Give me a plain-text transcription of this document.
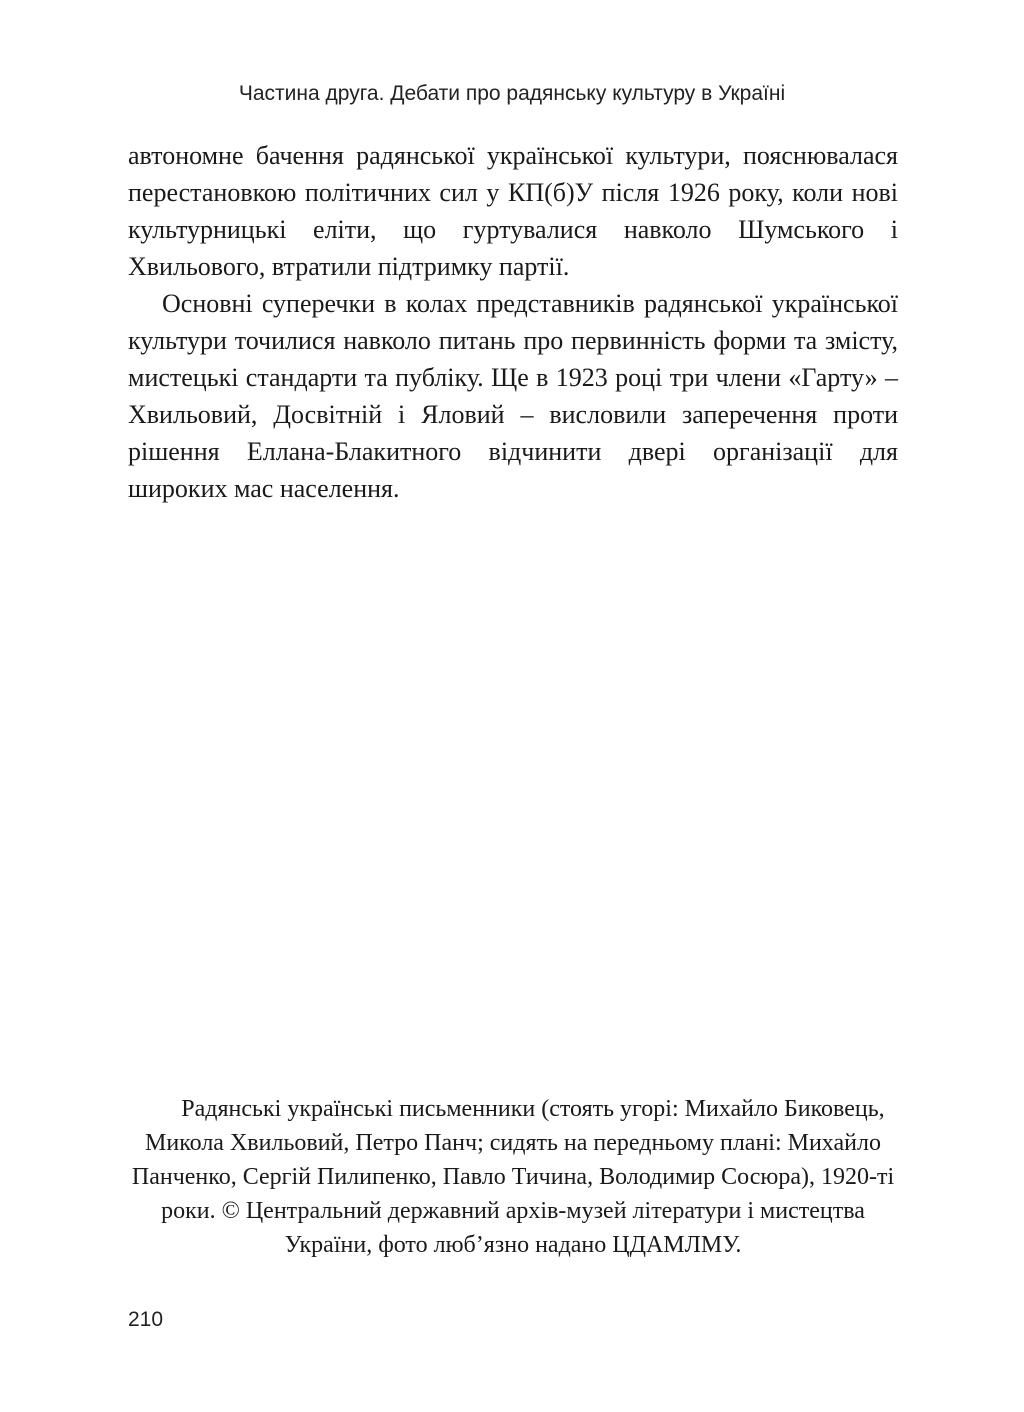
Частина друга. Дебати про радянську культуру в Україні

автономне бачення радянської української культури, пояснювалася перестановкою політичних сил у КП(б)У після 1926 року, коли нові культурницькі еліти, що гуртувалися навколо Шумського і Хвильового, втратили підтримку партії.

Основні суперечки в колах представників радянської української культури точилися навколо питань про первинність форми та змісту, мистецькі стандарти та публіку. Ще в 1923 році три члени «Гарту» – Хвильовий, Досвітній і Яловий – висловили заперечення проти рішення Еллана-Блакитного відчинити двері організації для широких мас населення.

Радянські українські письменники (стоять угорі: Михайло Биковець, Микола Хвильовий, Петро Панч; сидять на передньому плані: Михайло Панченко, Сергій Пилипенко, Павло Тичина, Володимир Сосюра), 1920-ті роки. © Центральний державний архів-музей літератури і мистецтва України, фото люб’язно надано ЦДАМЛМУ.

210
